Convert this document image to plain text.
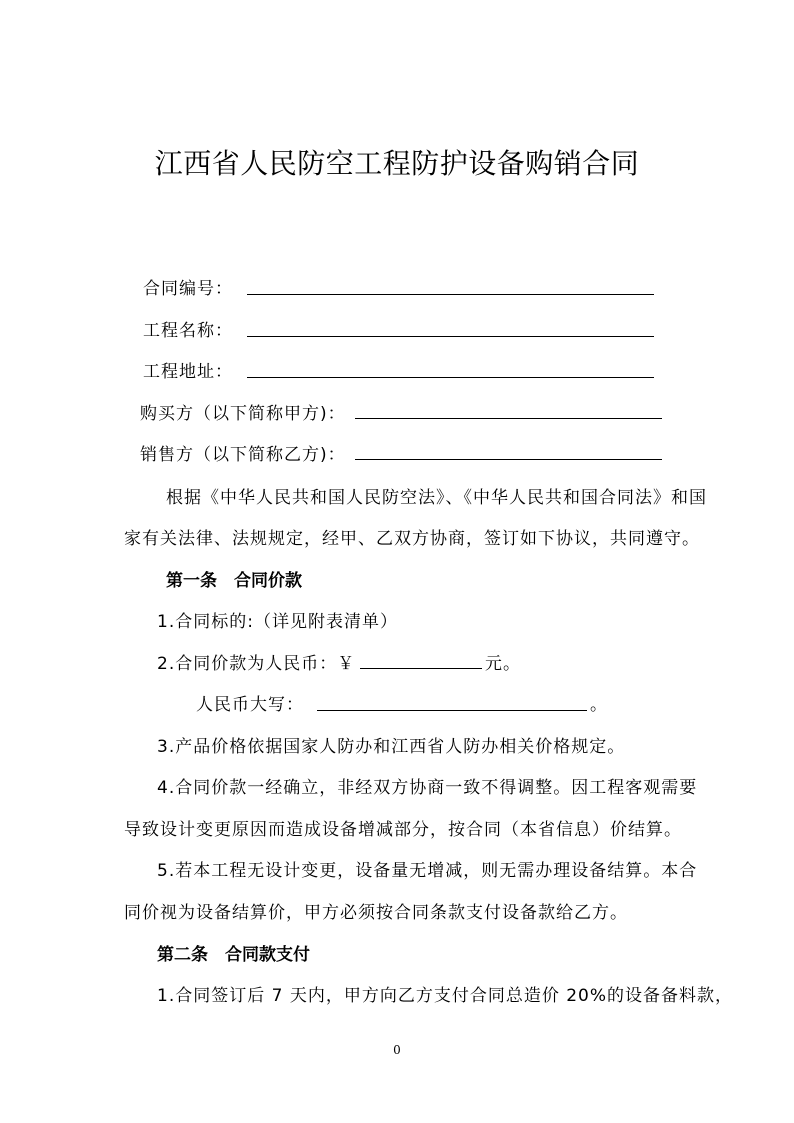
江西省人民防空工程防护设备购销合同
合同编号：
工程名称：
工程地址：
购买方（以下简称甲方)：
销售方（以下简称乙方)：
根据《中华人民共和国人民防空法》、《中华人民共和国合同法》和国
家有关法律、法规规定，经甲、乙双方协商，签订如下协议，共同遵守。
第一条　合同价款
1.合同标的:（详见附表清单）
2.合同价款为人民币：￥	元。
人民币大写：	。
3.产品价格依据国家人防办和江西省人防办相关价格规定。
4.合同价款一经确立，非经双方协商一致不得调整。因工程客观需要
导致设计变更原因而造成设备增减部分，按合同（本省信息）价结算。
5.若本工程无设计变更，设备量无增减，则无需办理设备结算。本合
同价视为设备结算价，甲方必须按合同条款支付设备款给乙方。
第二条　合同款支付
1.合同签订后 7 天内，甲方向乙方支付合同总造价 20%的设备备料款，
0
